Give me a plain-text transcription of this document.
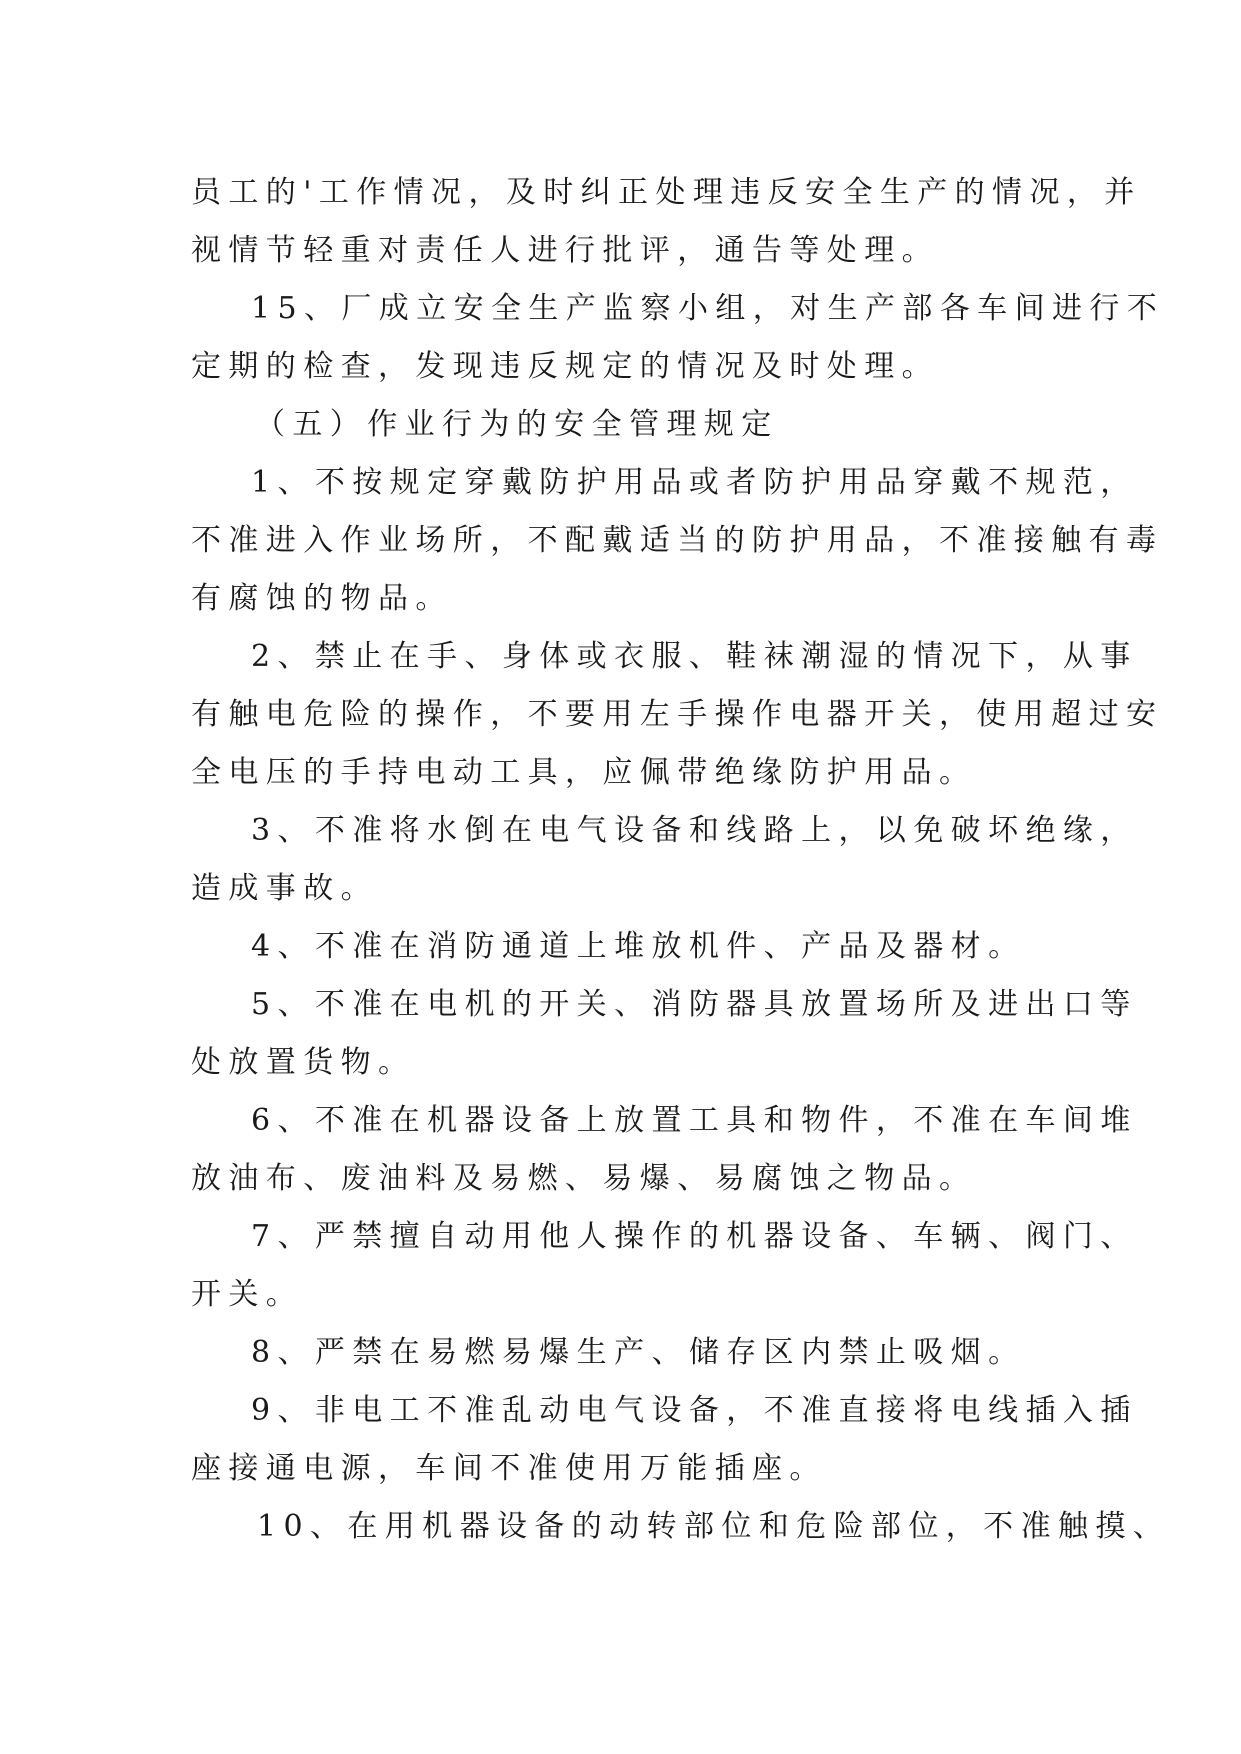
员工的'工作情况，及时纠正处理违反安全生产的情况，并
视情节轻重对责任人进行批评，通告等处理。
15、厂成立安全生产监察小组，对生产部各车间进行不
定期的检查，发现违反规定的情况及时处理。
（五）作业行为的安全管理规定
1、不按规定穿戴防护用品或者防护用品穿戴不规范，
不准进入作业场所，不配戴适当的防护用品，不准接触有毒
有腐蚀的物品。
2、禁止在手、身体或衣服、鞋袜潮湿的情况下，从事
有触电危险的操作，不要用左手操作电器开关，使用超过安
全电压的手持电动工具，应佩带绝缘防护用品。
3、不准将水倒在电气设备和线路上，以免破坏绝缘，
造成事故。
4、不准在消防通道上堆放机件、产品及器材。
5、不准在电机的开关、消防器具放置场所及进出口等
处放置货物。
6、不准在机器设备上放置工具和物件，不准在车间堆
放油布、废油料及易燃、易爆、易腐蚀之物品。
7、严禁擅自动用他人操作的机器设备、车辆、阀门、
开关。
8、严禁在易燃易爆生产、储存区内禁止吸烟。
9、非电工不准乱动电气设备，不准直接将电线插入插
座接通电源，车间不准使用万能插座。
10、在用机器设备的动转部位和危险部位，不准触摸、
